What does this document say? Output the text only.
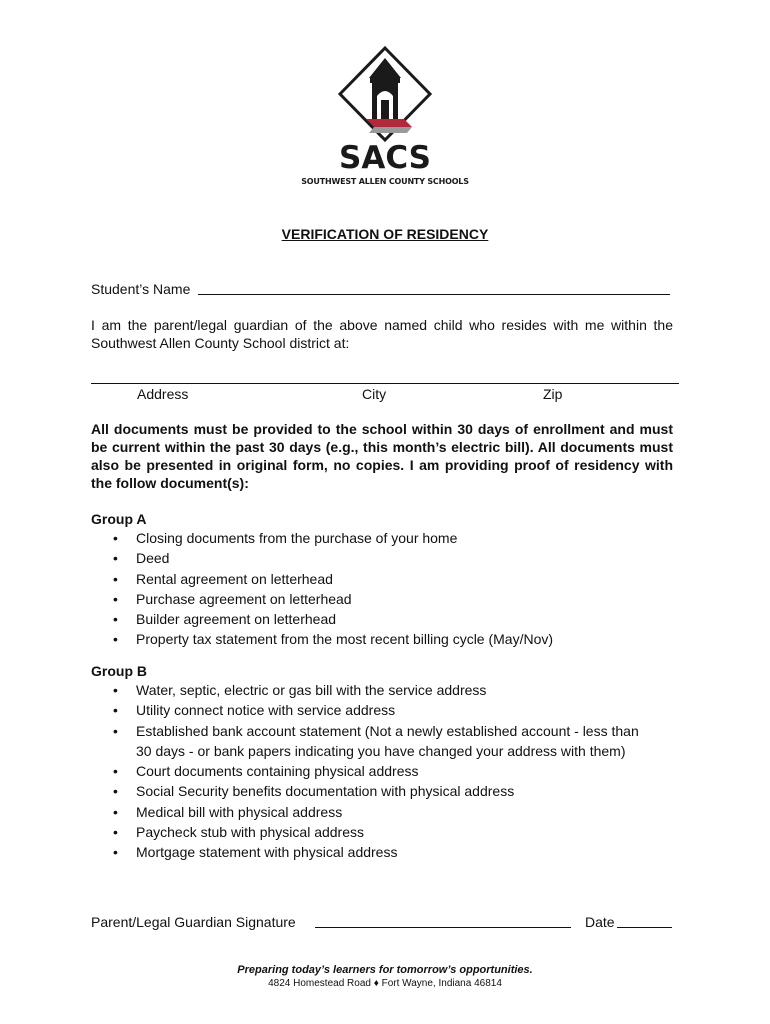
SACS
SOUTHWEST ALLEN COUNTY SCHOOLS
VERIFICATION OF RESIDENCY
Student’s Name
I am the parent/legal guardian of the above named child who resides with me within the Southwest Allen County School district at:
Address	City	Zip
All documents must be provided to the school within 30 days of enrollment and must be current within the past 30 days (e.g., this month’s electric bill). All documents must also be presented in original form, no copies. I am providing proof of residency with the follow document(s):
Group A
• Closing documents from the purchase of your home
• Deed
• Rental agreement on letterhead
• Purchase agreement on letterhead
• Builder agreement on letterhead
• Property tax statement from the most recent billing cycle (May/Nov)
Group B
• Water, septic, electric or gas bill with the service address
• Utility connect notice with service address
• Established bank account statement (Not a newly established account - less than 30 days - or bank papers indicating you have changed your address with them)
• Court documents containing physical address
• Social Security benefits documentation with physical address
• Medical bill with physical address
• Paycheck stub with physical address
• Mortgage statement with physical address
Parent/Legal Guardian Signature	Date
Preparing today’s learners for tomorrow’s opportunities.
4824 Homestead Road ♦ Fort Wayne, Indiana 46814
